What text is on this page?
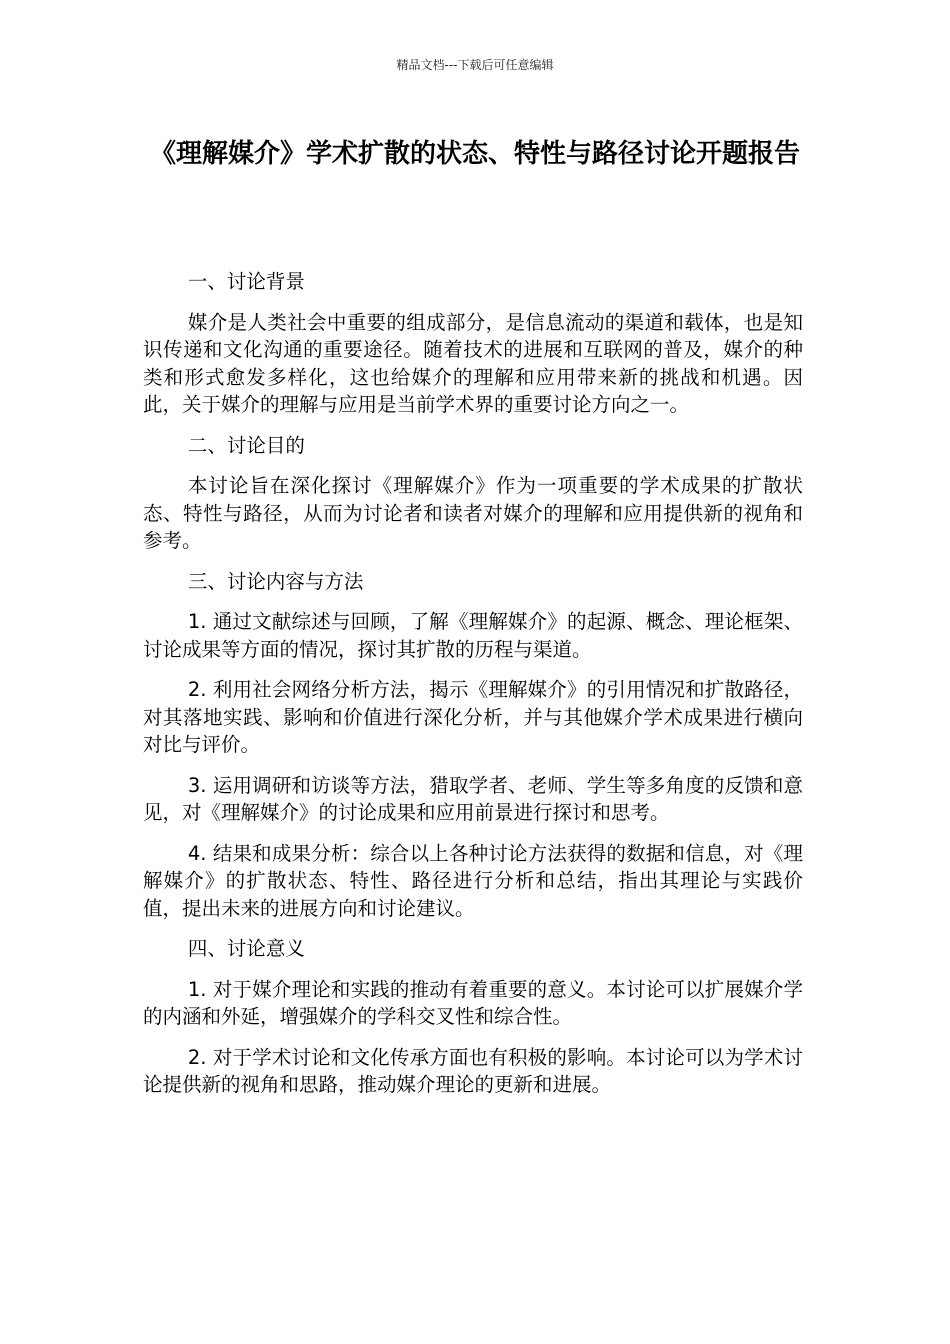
精品文档---下载后可任意编辑
《理解媒介》学术扩散的状态、特性与路径讨论开题报告

一、讨论背景

媒介是人类社会中重要的组成部分，是信息流动的渠道和载体，也是知识传递和文化沟通的重要途径。随着技术的进展和互联网的普及，媒介的种类和形式愈发多样化，这也给媒介的理解和应用带来新的挑战和机遇。因此，关于媒介的理解与应用是当前学术界的重要讨论方向之一。

二、讨论目的

本讨论旨在深化探讨《理解媒介》作为一项重要的学术成果的扩散状态、特性与路径，从而为讨论者和读者对媒介的理解和应用提供新的视角和参考。

三、讨论内容与方法

1. 通过文献综述与回顾，了解《理解媒介》的起源、概念、理论框架、讨论成果等方面的情况，探讨其扩散的历程与渠道。

2. 利用社会网络分析方法，揭示《理解媒介》的引用情况和扩散路径，对其落地实践、影响和价值进行深化分析，并与其他媒介学术成果进行横向对比与评价。

3. 运用调研和访谈等方法，猎取学者、老师、学生等多角度的反馈和意见，对《理解媒介》的讨论成果和应用前景进行探讨和思考。

4. 结果和成果分析：综合以上各种讨论方法获得的数据和信息，对《理解媒介》的扩散状态、特性、路径进行分析和总结，指出其理论与实践价值，提出未来的进展方向和讨论建议。

四、讨论意义

1. 对于媒介理论和实践的推动有着重要的意义。本讨论可以扩展媒介学的内涵和外延，增强媒介的学科交叉性和综合性。

2. 对于学术讨论和文化传承方面也有积极的影响。本讨论可以为学术讨论提供新的视角和思路，推动媒介理论的更新和进展。
